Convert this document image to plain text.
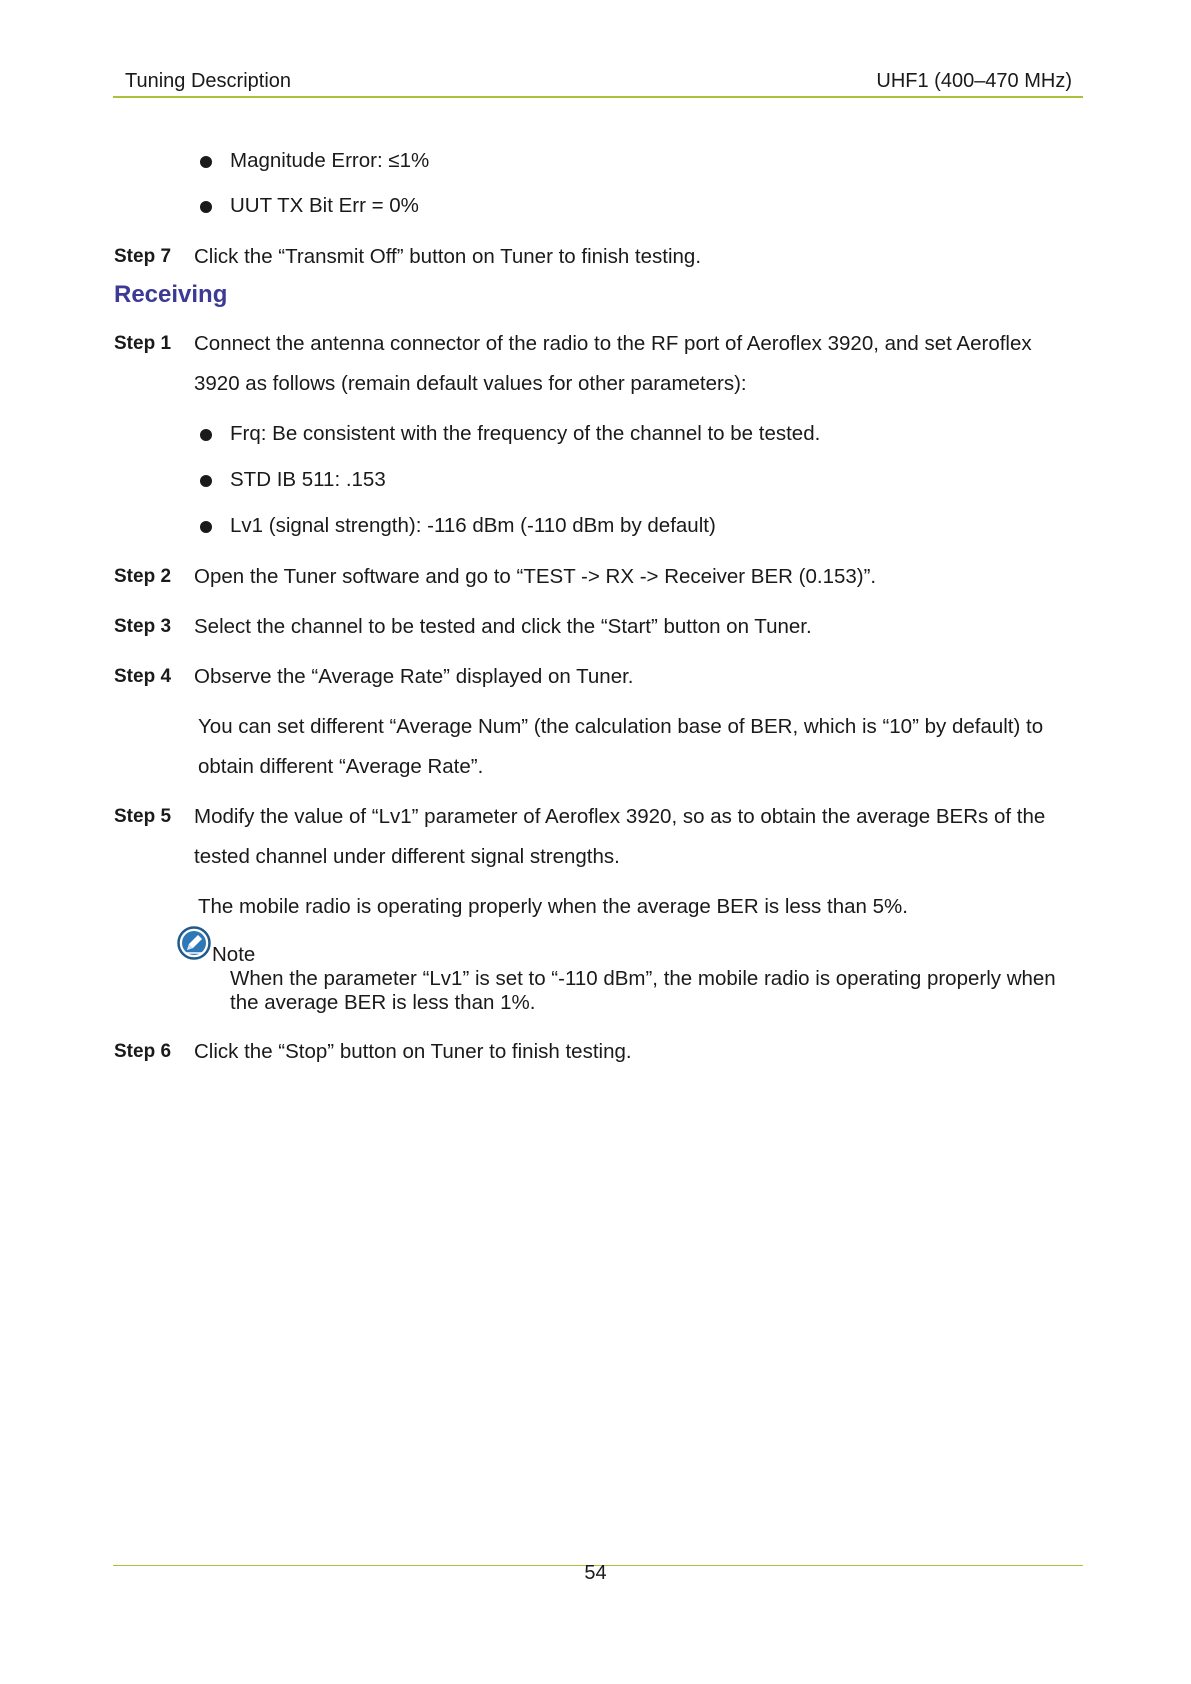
Tuning Description	UHF1 (400–470 MHz)
Magnitude Error: ≤1%
UUT TX Bit Err = 0%
Step 7 Click the “Transmit Off” button on Tuner to finish testing.
Receiving
Step 1 Connect the antenna connector of the radio to the RF port of Aeroflex 3920, and set Aeroflex
3920 as follows (remain default values for other parameters):
Frq: Be consistent with the frequency of the channel to be tested.
STD IB 511: .153
Lv1 (signal strength): -116 dBm (-110 dBm by default)
Step 2 Open the Tuner software and go to “TEST -> RX -> Receiver BER (0.153)”.
Step 3 Select the channel to be tested and click the “Start” button on Tuner.
Step 4 Observe the “Average Rate” displayed on Tuner.
You can set different “Average Num” (the calculation base of BER, which is “10” by default) to
obtain different “Average Rate”.
Step 5 Modify the value of “Lv1” parameter of Aeroflex 3920, so as to obtain the average BERs of the
tested channel under different signal strengths.
The mobile radio is operating properly when the average BER is less than 5%.
Note
When the parameter “Lv1” is set to “-110 dBm”, the mobile radio is operating properly when
the average BER is less than 1%.
Step 6 Click the “Stop” button on Tuner to finish testing.
54
